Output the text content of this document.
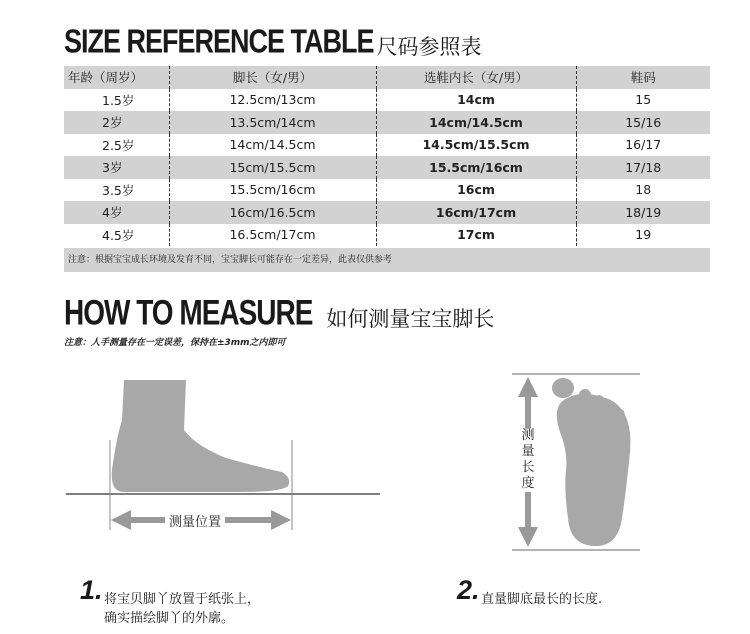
SIZE REFERENCE TABLE 尺码参照表
年龄（周岁）	脚长（女/男）	选鞋内长（女/男）	鞋码
1.5岁	12.5cm/13cm	14cm	15
2岁	13.5cm/14cm	14cm/14.5cm	15/16
2.5岁	14cm/14.5cm	14.5cm/15.5cm	16/17
3岁	15cm/15.5cm	15.5cm/16cm	17/18
3.5岁	15.5cm/16cm	16cm	18
4岁	16cm/16.5cm	16cm/17cm	18/19
4.5岁	16.5cm/17cm	17cm	19
注意：根据宝宝成长环境及发育不同，宝宝脚长可能存在一定差异，此表仅供参考
HOW TO MEASURE 如何测量宝宝脚长
注意：人手测量存在一定误差，保持在±3mm之内即可
测量位置
测
量
长
度
1. 将宝贝脚丫放置于纸张上，
确实描绘脚丫的外廓。
2. 直量脚底最长的长度.
